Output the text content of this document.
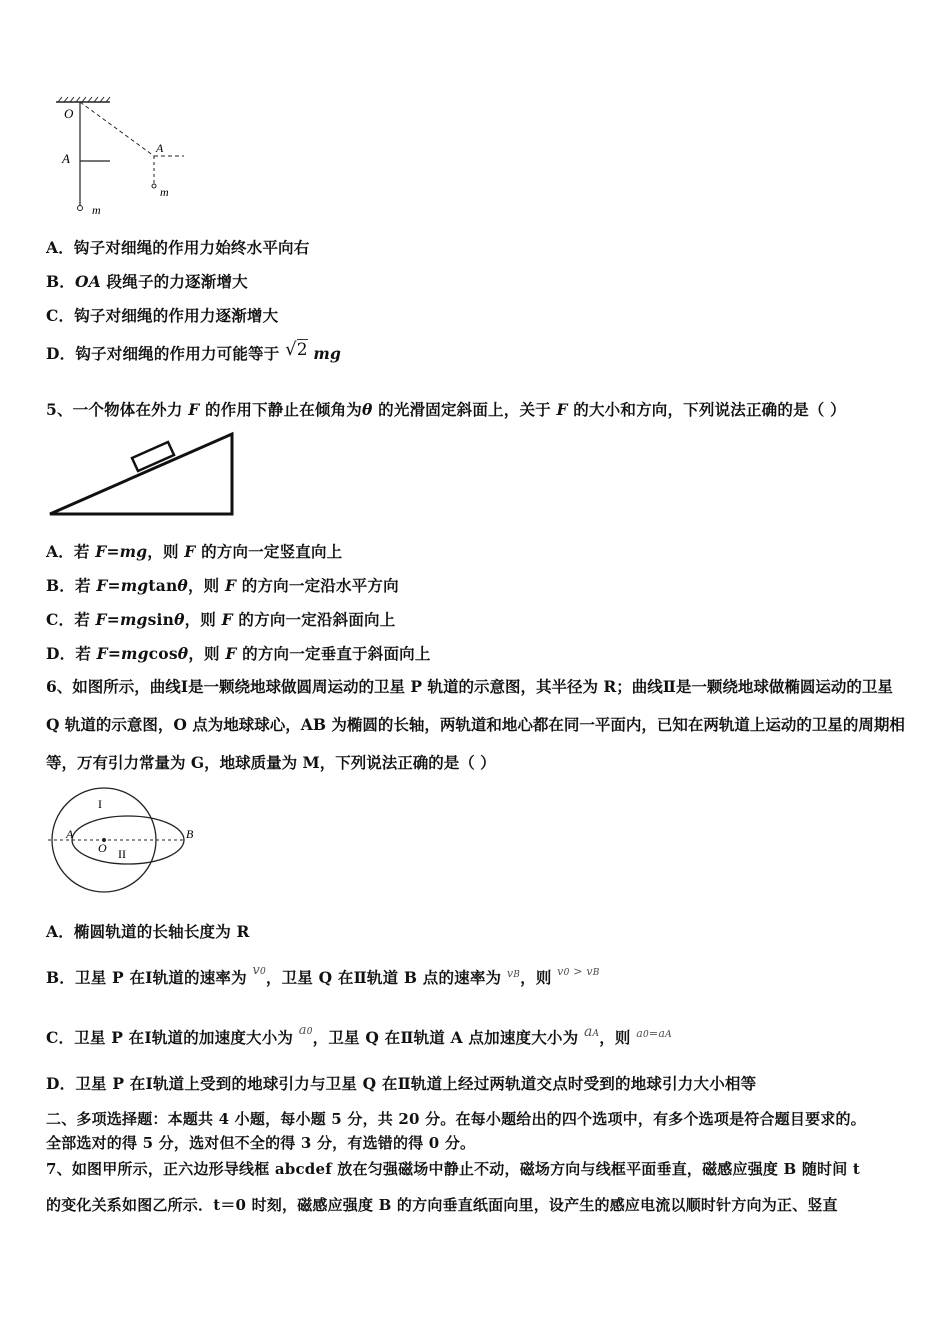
O
A
A
m
m
A．钩子对细绳的作用力始终水平向右
B．OA 段绳子的力逐渐增大
C．钩子对细绳的作用力逐渐增大
D．钩子对细绳的作用力可能等于 √2 mg
5、一个物体在外力 F 的作用下静止在倾角为θ 的光滑固定斜面上，关于 F 的大小和方向，下列说法正确的是（ ）
A．若 F=mg，则 F 的方向一定竖直向上
B．若 F=mgtanθ，则 F 的方向一定沿水平方向
C．若 F=mgsinθ，则 F 的方向一定沿斜面向上
D．若 F=mgcosθ，则 F 的方向一定垂直于斜面向上
6、如图所示，曲线Ⅰ是一颗绕地球做圆周运动的卫星 P 轨道的示意图，其半径为 R；曲线Ⅱ是一颗绕地球做椭圆运动的卫星 Q 轨道的示意图，O 点为地球球心，AB 为椭圆的长轴，两轨道和地心都在同一平面内，已知在两轨道上运动的卫星的周期相等，万有引力常量为 G，地球质量为 M，下列说法正确的是（ ）
I
II
A
O
B
A．椭圆轨道的长轴长度为 R
B．卫星 P 在Ⅰ轨道的速率为 $^{v0}$，卫星 Q 在Ⅱ轨道 B 点的速率为 $^{vB}$，则 $^{v0 > vB}$
C．卫星 P 在Ⅰ轨道的加速度大小为 $^{a0}$，卫星 Q 在Ⅱ轨道 A 点加速度大小为 aA，则 $^{a0=aA}$
D．卫星 P 在Ⅰ轨道上受到的地球引力与卫星 Q 在Ⅱ轨道上经过两轨道交点时受到的地球引力大小相等
二、多项选择题：本题共 4 小题，每小题 5 分，共 20 分。在每小题给出的四个选项中，有多个选项是符合题目要求的。
全部选对的得 5 分，选对但不全的得 3 分，有选错的得 0 分。
7、如图甲所示，正六边形导线框 abcdef 放在匀强磁场中静止不动，磁场方向与线框平面垂直，磁感应强度 B 随时间 t
的变化关系如图乙所示．t＝0 时刻，磁感应强度 B 的方向垂直纸面向里，设产生的感应电流以顺时针方向为正、竖直
